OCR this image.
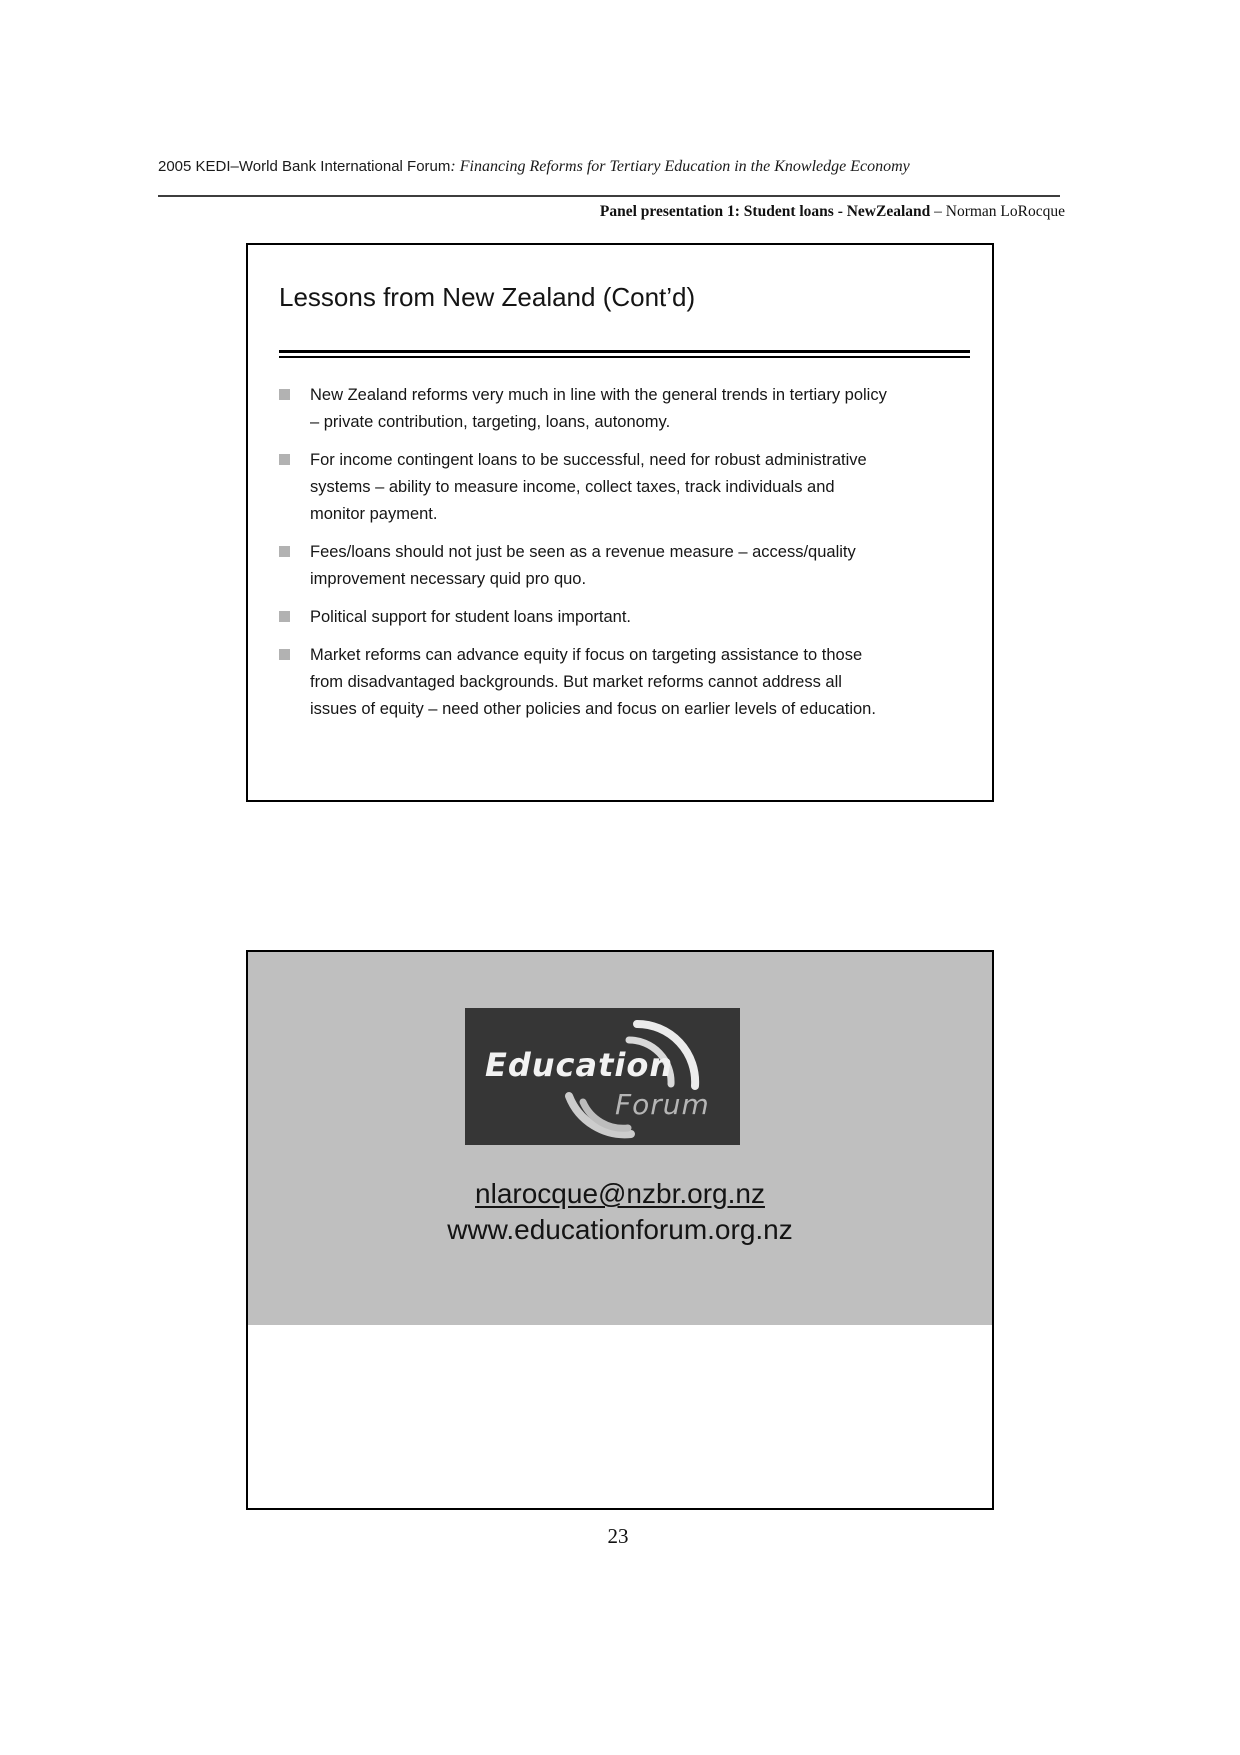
2005 KEDI–World Bank International Forum: Financing Reforms for Tertiary Education in the Knowledge Economy
Panel presentation 1: Student loans - NewZealand – Norman LoRocque
Lessons from New Zealand (Cont’d)
New Zealand reforms very much in line with the general trends in tertiary policy
– private contribution, targeting, loans, autonomy.
For income contingent loans to be successful, need for robust administrative
systems – ability to measure income, collect taxes, track individuals and
monitor payment.
Fees/loans should not just be seen as a revenue measure – access/quality
improvement necessary quid pro quo.
Political support for student loans important.
Market reforms can advance equity if focus on targeting assistance to those
from disadvantaged backgrounds. But market reforms cannot address all
issues of equity – need other policies and focus on earlier levels of education.
Education
Forum
nlarocque@nzbr.org.nz
www.educationforum.org.nz
23
